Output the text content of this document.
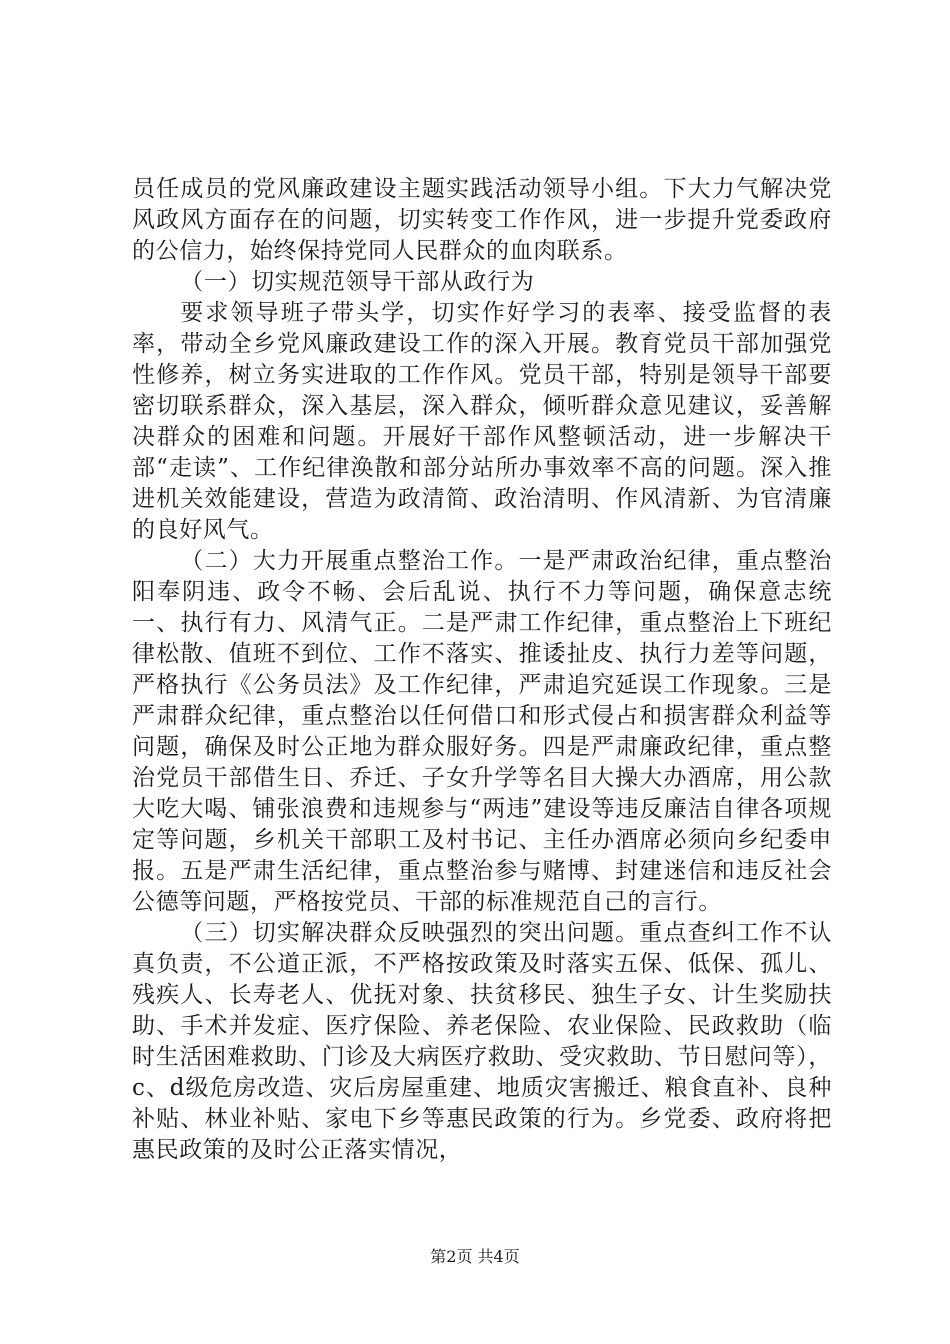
员任成员的党风廉政建设主题实践活动领导小组。下大力气解决党风政风方面存在的问题，切实转变工作作风，进一步提升党委政府的公信力，始终保持党同人民群众的血肉联系。

（一）切实规范领导干部从政行为

要求领导班子带头学，切实作好学习的表率、接受监督的表率，带动全乡党风廉政建设工作的深入开展。教育党员干部加强党性修养，树立务实进取的工作作风。党员干部，特别是领导干部要密切联系群众，深入基层，深入群众，倾听群众意见建议，妥善解决群众的困难和问题。开展好干部作风整顿活动，进一步解决干部“走读”、工作纪律涣散和部分站所办事效率不高的问题。深入推进机关效能建设，营造为政清简、政治清明、作风清新、为官清廉的良好风气。

（二）大力开展重点整治工作。一是严肃政治纪律，重点整治阳奉阴违、政令不畅、会后乱说、执行不力等问题，确保意志统一、执行有力、风清气正。二是严肃工作纪律，重点整治上下班纪律松散、值班不到位、工作不落实、推诿扯皮、执行力差等问题，严格执行《公务员法》及工作纪律，严肃追究延误工作现象。三是严肃群众纪律，重点整治以任何借口和形式侵占和损害群众利益等问题，确保及时公正地为群众服好务。四是严肃廉政纪律，重点整治党员干部借生日、乔迁、子女升学等名目大操大办酒席，用公款大吃大喝、铺张浪费和违规参与“两违”建设等违反廉洁自律各项规定等问题，乡机关干部职工及村书记、主任办酒席必须向乡纪委申报。五是严肃生活纪律，重点整治参与赌博、封建迷信和违反社会公德等问题，严格按党员、干部的标准规范自己的言行。

（三）切实解决群众反映强烈的突出问题。重点查纠工作不认真负责，不公道正派，不严格按政策及时落实五保、低保、孤儿、残疾人、长寿老人、优抚对象、扶贫移民、独生子女、计生奖励扶助、手术并发症、医疗保险、养老保险、农业保险、民政救助（临时生活困难救助、门诊及大病医疗救助、受灾救助、节日慰问等），c、d级危房改造、灾后房屋重建、地质灾害搬迁、粮食直补、良种补贴、林业补贴、家电下乡等惠民政策的行为。乡党委、政府将把惠民政策的及时公正落实情况，

第2页 共4页
